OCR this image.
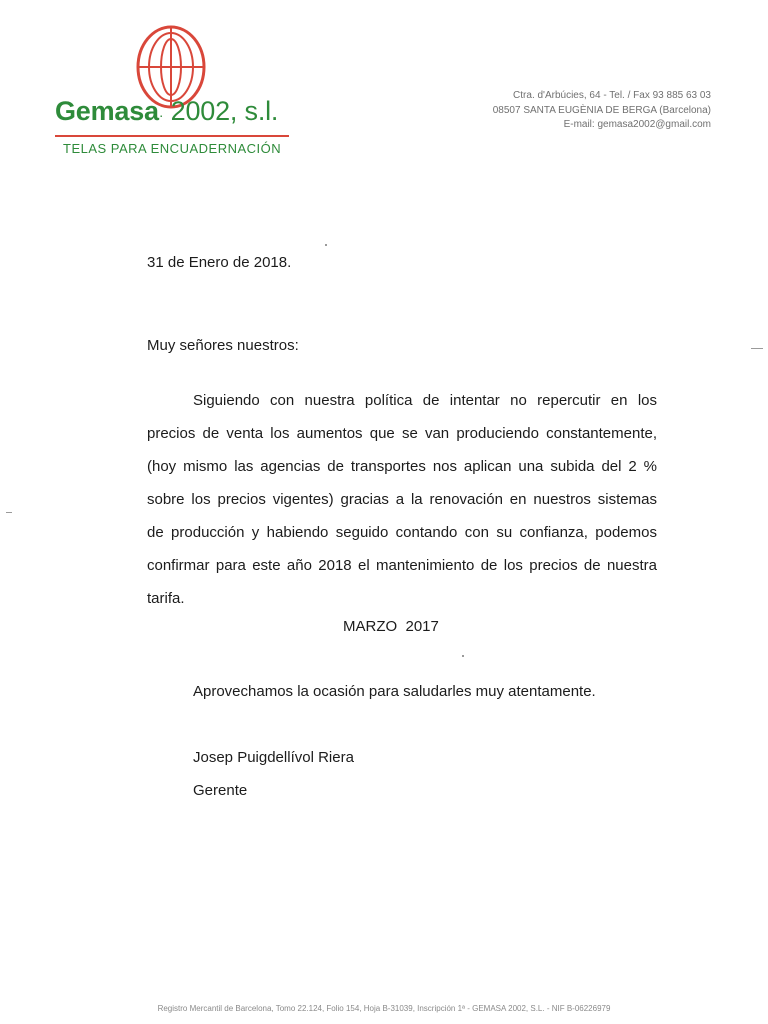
Gemasa· 2002, s.l.
TELAS PARA ENCUADERNACIÓN
Ctra. d'Arbúcies, 64 - Tel. / Fax 93 885 63 03
08507 SANTA EUGÈNIA DE BERGA (Barcelona)
E-mail: gemasa2002@gmail.com
31 de Enero de 2018.
Muy señores nuestros:
Siguiendo con nuestra política de intentar no repercutir en los
precios de venta los aumentos que se van produciendo constantemente,
(hoy mismo las agencias de transportes nos aplican una subida del 2 %
sobre los precios vigentes) gracias a la renovación en nuestros sistemas
de producción y habiendo seguido contando con su confianza, podemos
confirmar para este año 2018 el mantenimiento de los precios de nuestra
tarifa.
MARZO  2017
Aprovechamos la ocasión para saludarles muy atentamente.
Josep Puigdellívol Riera
Gerente
Registro Mercantil de Barcelona, Tomo 22.124, Folio 154, Hoja B-31039, Inscripción 1ª - GEMASA 2002, S.L. - NIF B-06226979
